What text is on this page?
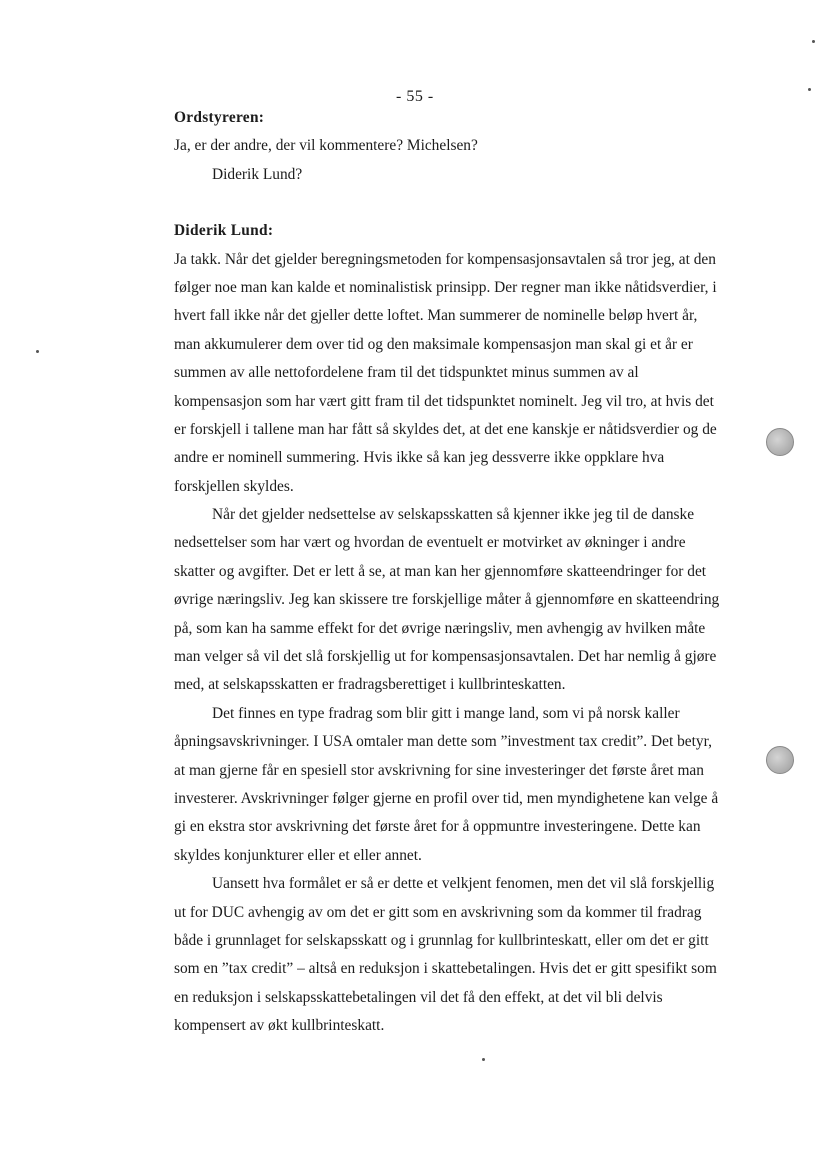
- 55 -
Ordstyreren:
Ja, er der andre, der vil kommentere? Michelsen?
Diderik Lund?
Diderik Lund:
Ja takk. Når det gjelder beregningsmetoden for kompensasjonsavtalen så tror jeg, at den
følger noe man kan kalde et nominalistisk prinsipp. Der regner man ikke nåtidsverdier, i
hvert fall ikke når det gjeller dette loftet. Man summerer de nominelle beløp hvert år,
man akkumulerer dem over tid og den maksimale kompensasjon man skal gi et år er
summen av alle nettofordelene fram til det tidspunktet minus summen av al
kompensasjon som har vært gitt fram til det tidspunktet nominelt. Jeg vil tro, at hvis det
er forskjell i tallene man har fått så skyldes det, at det ene kanskje er nåtidsverdier og de
andre er nominell summering. Hvis ikke så kan jeg dessverre ikke oppklare hva
forskjellen skyldes.
Når det gjelder nedsettelse av selskapsskatten så kjenner ikke jeg til de danske
nedsettelser som har vært og hvordan de eventuelt er motvirket av økninger i andre
skatter og avgifter. Det er lett å se, at man kan her gjennomføre skatteendringer for det
øvrige næringsliv. Jeg kan skissere tre forskjellige måter å gjennomføre en skatteendring
på, som kan ha samme effekt for det øvrige næringsliv, men avhengig av hvilken måte
man velger så vil det slå forskjellig ut for kompensasjonsavtalen. Det har nemlig å gjøre
med, at selskapsskatten er fradragsberettiget i kullbrinteskatten.
Det finnes en type fradrag som blir gitt i mange land, som vi på norsk kaller
åpningsavskrivninger. I USA omtaler man dette som ”investment tax credit”. Det betyr,
at man gjerne får en spesiell stor avskrivning for sine investeringer det første året man
investerer. Avskrivninger følger gjerne en profil over tid, men myndighetene kan velge å
gi en ekstra stor avskrivning det første året for å oppmuntre investeringene. Dette kan
skyldes konjunkturer eller et eller annet.
Uansett hva formålet er så er dette et velkjent fenomen, men det vil slå forskjellig
ut for DUC avhengig av om det er gitt som en avskrivning som da kommer til fradrag
både i grunnlaget for selskapsskatt og i grunnlag for kullbrinteskatt, eller om det er gitt
som en ”tax credit” – altså en reduksjon i skattebetalingen. Hvis det er gitt spesifikt som
en reduksjon i selskapsskattebetalingen vil det få den effekt, at det vil bli delvis
kompensert av økt kullbrinteskatt.
